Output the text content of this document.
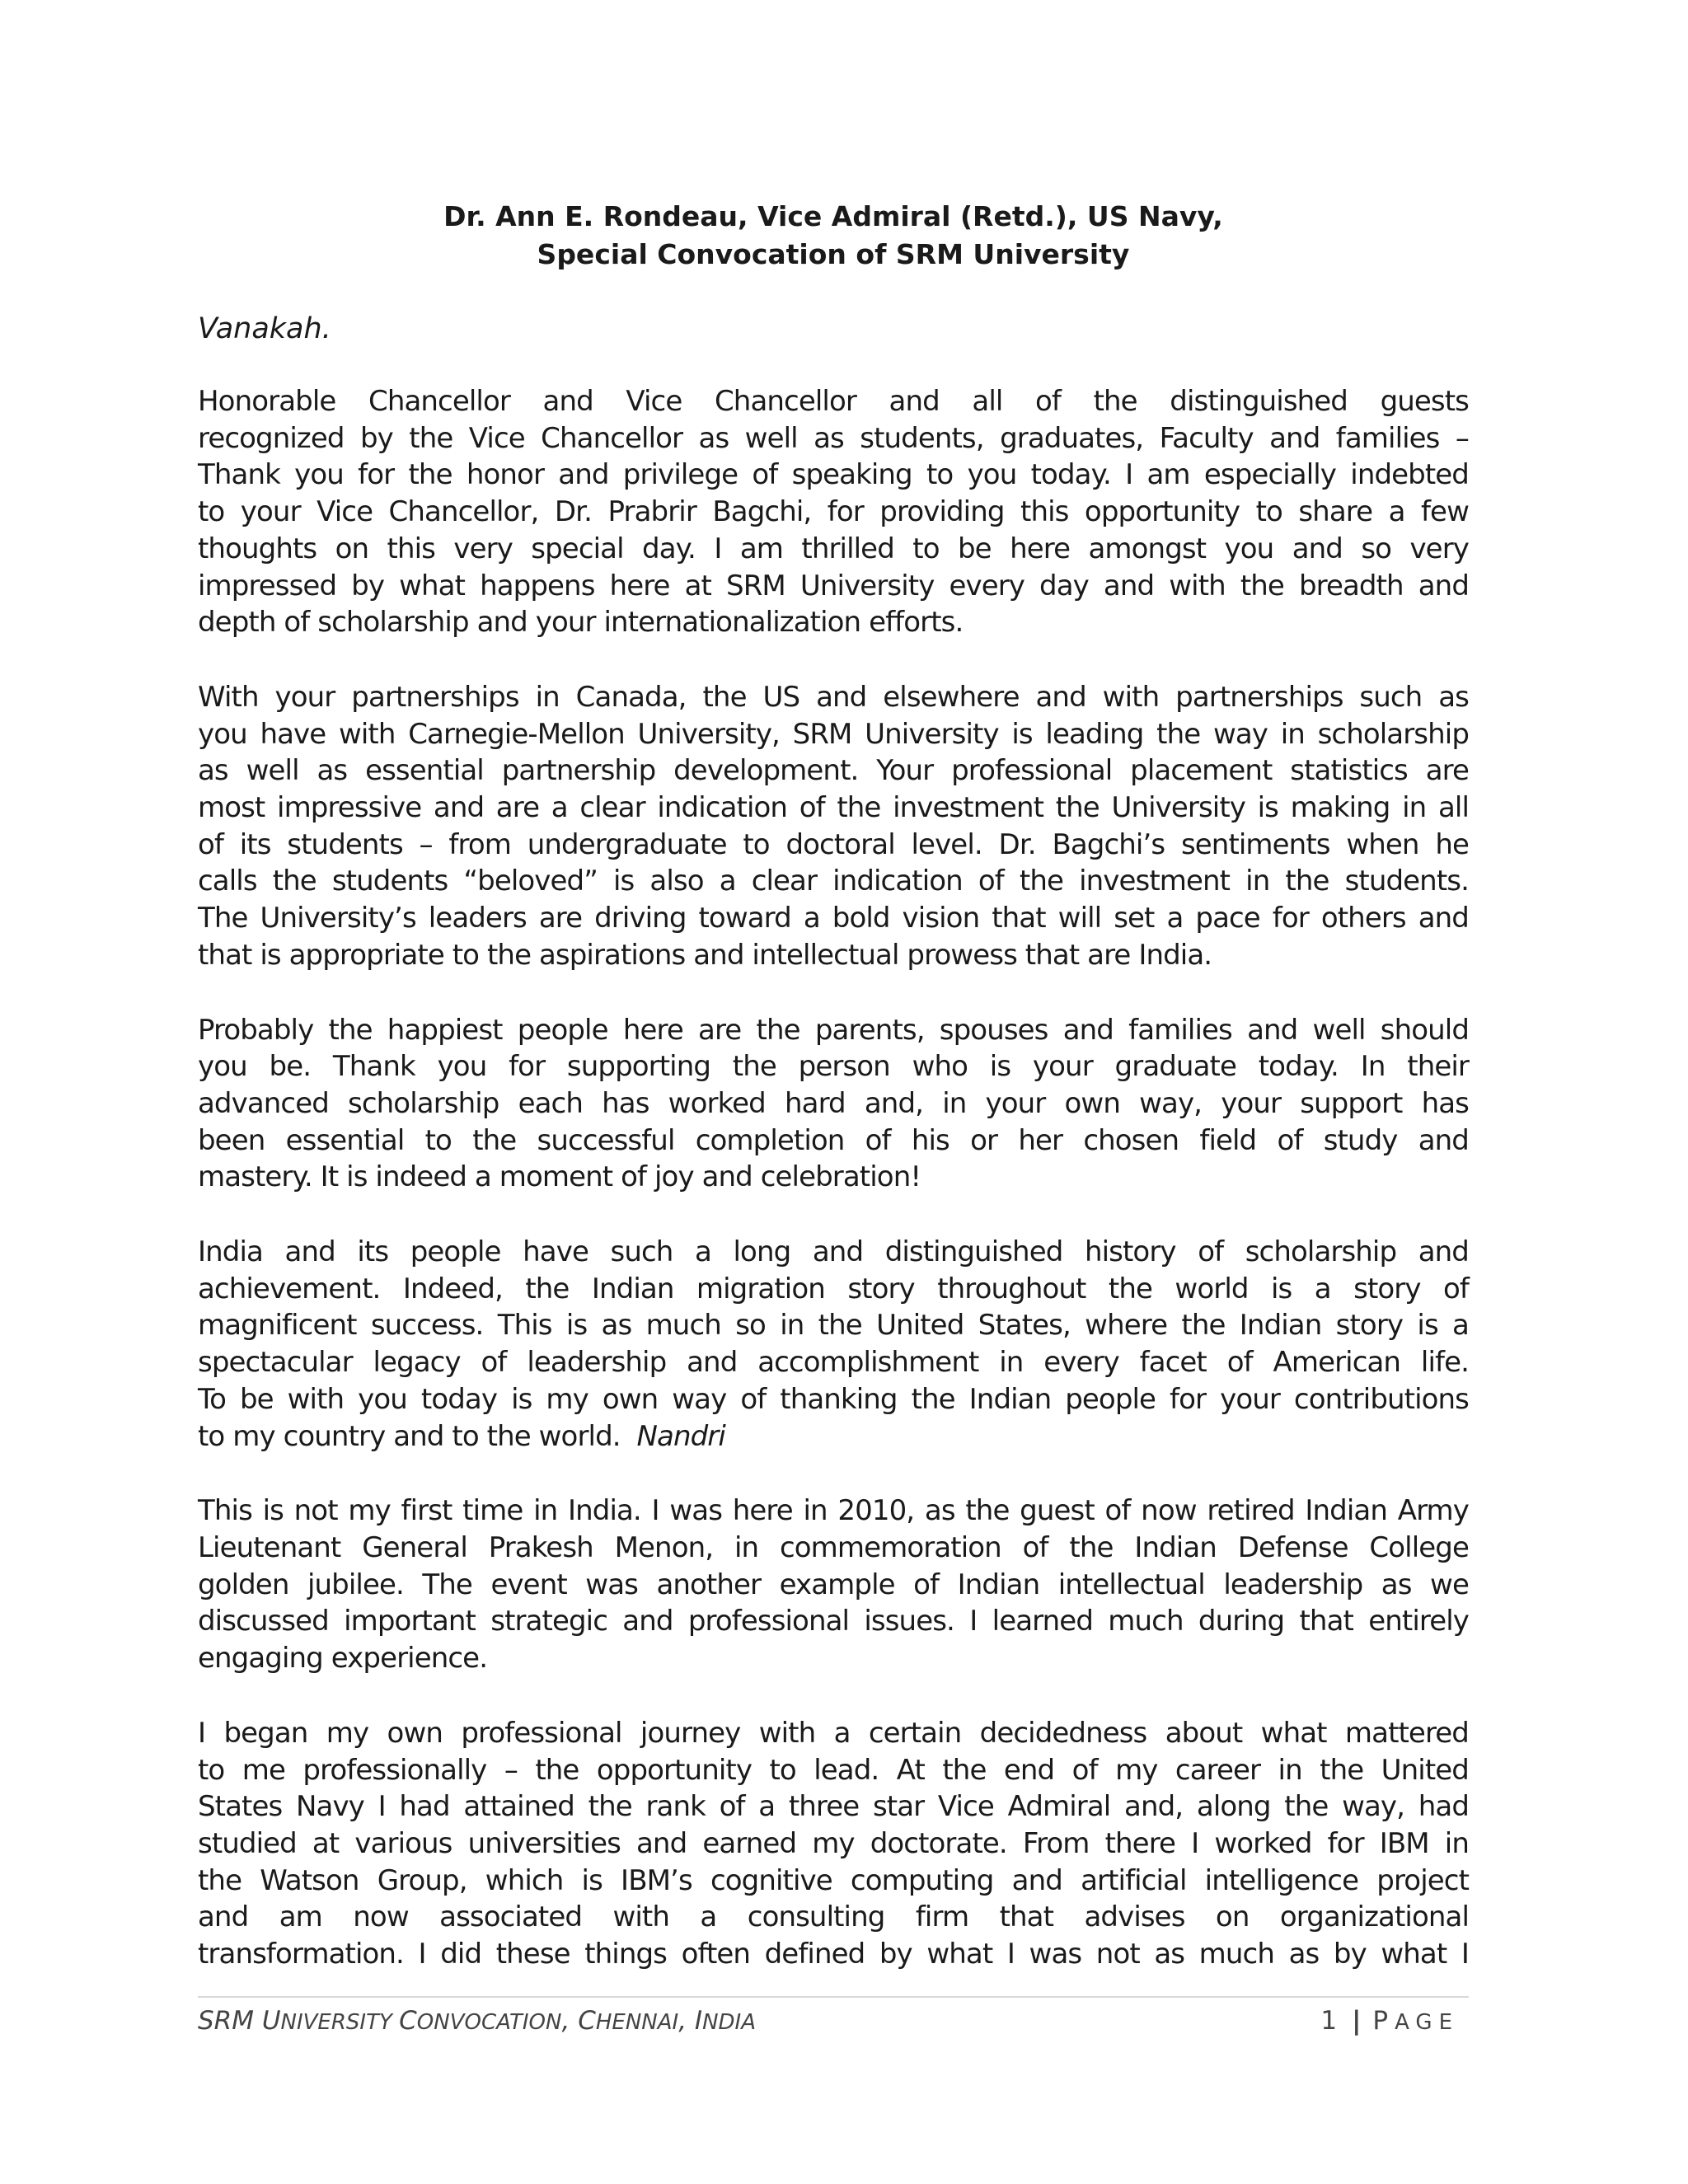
Dr. Ann E. Rondeau, Vice Admiral (Retd.), US Navy,
Special Convocation of SRM University
Vanakah.

Honorable Chancellor and Vice Chancellor and all of the distinguished guests
recognized by the Vice Chancellor as well as students, graduates, Faculty and families –
Thank you for the honor and privilege of speaking to you today. I am especially indebted
to your Vice Chancellor, Dr. Prabrir Bagchi, for providing this opportunity to share a few
thoughts on this very special day. I am thrilled to be here amongst you and so very
impressed by what happens here at SRM University every day and with the breadth and
depth of scholarship and your internationalization efforts.

With your partnerships in Canada, the US and elsewhere and with partnerships such as
you have with Carnegie-Mellon University, SRM University is leading the way in scholarship
as well as essential partnership development. Your professional placement statistics are
most impressive and are a clear indication of the investment the University is making in all
of its students – from undergraduate to doctoral level. Dr. Bagchi’s sentiments when he
calls the students “beloved” is also a clear indication of the investment in the students.
The University’s leaders are driving toward a bold vision that will set a pace for others and
that is appropriate to the aspirations and intellectual prowess that are India.

Probably the happiest people here are the parents, spouses and families and well should
you be. Thank you for supporting the person who is your graduate today. In their
advanced scholarship each has worked hard and, in your own way, your support has
been essential to the successful completion of his or her chosen field of study and
mastery. It is indeed a moment of joy and celebration!

India and its people have such a long and distinguished history of scholarship and
achievement. Indeed, the Indian migration story throughout the world is a story of
magnificent success. This is as much so in the United States, where the Indian story is a
spectacular legacy of leadership and accomplishment in every facet of American life.
To be with you today is my own way of thanking the Indian people for your contributions
to my country and to the world. Nandri

This is not my first time in India. I was here in 2010, as the guest of now retired Indian Army
Lieutenant General Prakesh Menon, in commemoration of the Indian Defense College
golden jubilee. The event was another example of Indian intellectual leadership as we
discussed important strategic and professional issues. I learned much during that entirely
engaging experience.

I began my own professional journey with a certain decidedness about what mattered
to me professionally – the opportunity to lead. At the end of my career in the United
States Navy I had attained the rank of a three star Vice Admiral and, along the way, had
studied at various universities and earned my doctorate. From there I worked for IBM in
the Watson Group, which is IBM’s cognitive computing and artificial intelligence project
and am now associated with a consulting firm that advises on organizational
transformation. I did these things often defined by what I was not as much as by what I

SRM UNIVERSITY CONVOCATION, CHENNAI, INDIA	1 | PAGE
